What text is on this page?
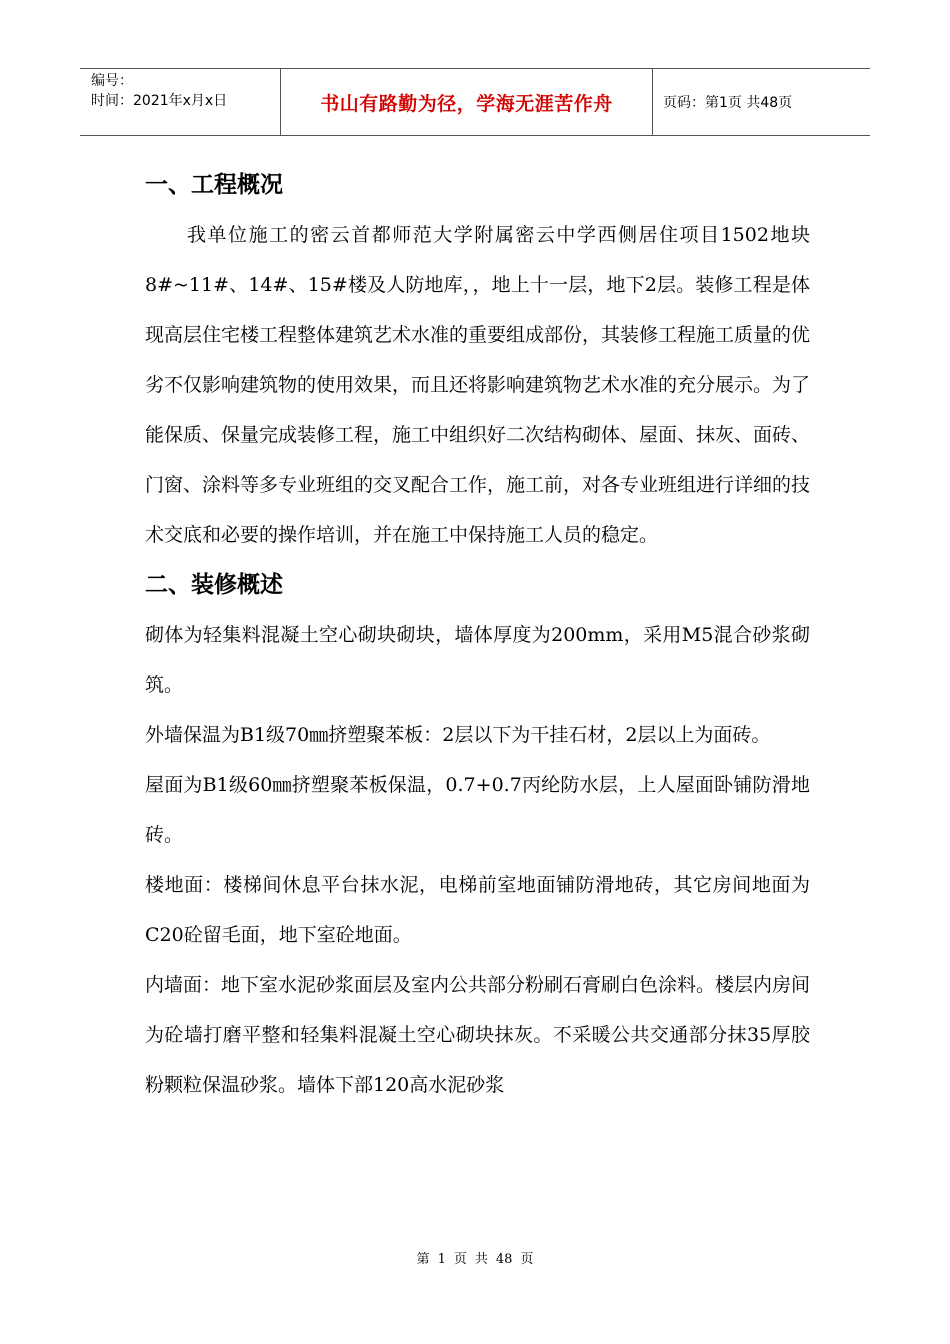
编号：
时间：2021年x月x日	书山有路勤为径，学海无涯苦作舟	页码：第1页 共48页
一、工程概况

我单位施工的密云首都师范大学附属密云中学西侧居住项目1502地块8#~11#、14#、15#楼及人防地库，，地上十一层，地下2层。装修工程是体现高层住宅楼工程整体建筑艺术水准的重要组成部份，其装修工程施工质量的优劣不仅影响建筑物的使用效果，而且还将影响建筑物艺术水准的充分展示。为了能保质、保量完成装修工程，施工中组织好二次结构砌体、屋面、抹灰、面砖、门窗、涂料等多专业班组的交叉配合工作，施工前，对各专业班组进行详细的技术交底和必要的操作培训，并在施工中保持施工人员的稳定。

二、装修概述

砌体为轻集料混凝土空心砌块砌块，墙体厚度为200mm，采用M5混合砂浆砌筑。

外墙保温为B1级70㎜挤塑聚苯板：2层以下为干挂石材，2层以上为面砖。

屋面为B1级60㎜挤塑聚苯板保温，0.7+0.7丙纶防水层，上人屋面卧铺防滑地砖。

楼地面：楼梯间休息平台抹水泥，电梯前室地面铺防滑地砖，其它房间地面为C20砼留毛面，地下室砼地面。

内墙面：地下室水泥砂浆面层及室内公共部分粉刷石膏刷白色涂料。楼层内房间为砼墙打磨平整和轻集料混凝土空心砌块抹灰。不采暖公共交通部分抹35厚胶粉颗粒保温砂浆。墙体下部120高水泥砂浆

第 1 页 共 48 页
